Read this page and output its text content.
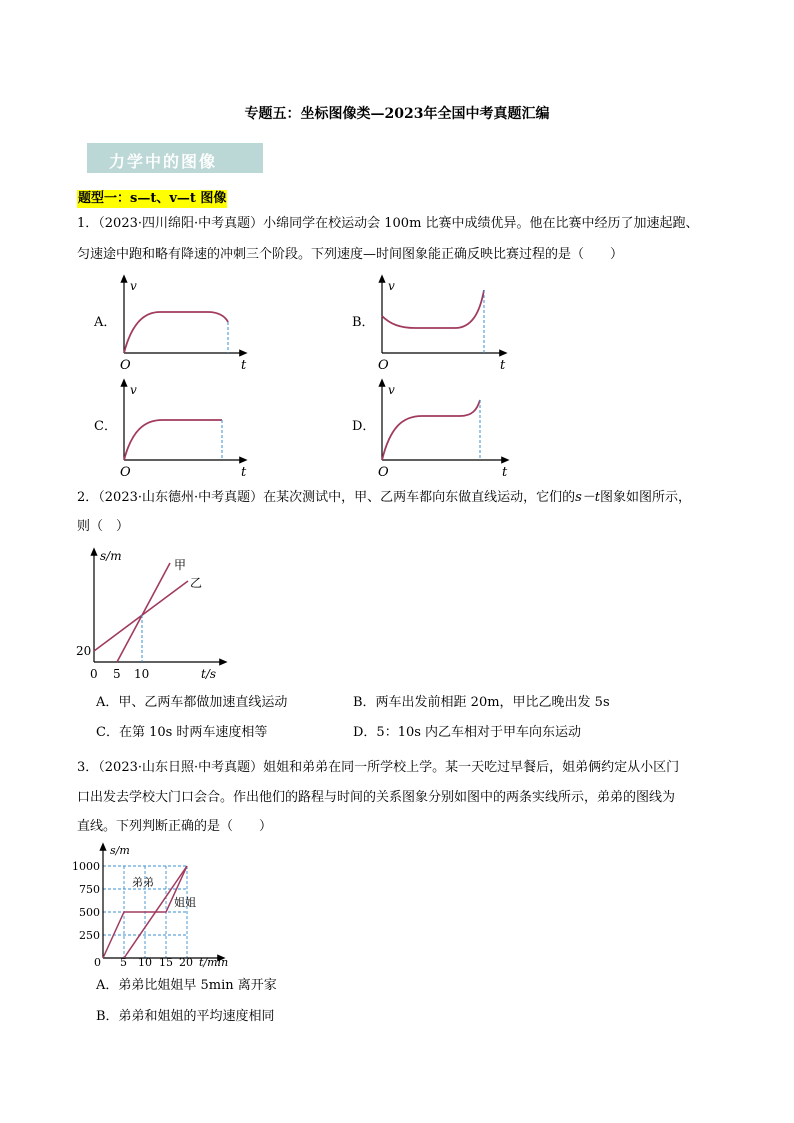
专题五：坐标图像类—2023年全国中考真题汇编
力学中的图像
题型一：s—t、v—t 图像
1．（2023·四川绵阳·中考真题）小绵同学在校运动会 100m 比赛中成绩优异。他在比赛中经历了加速起跑、
匀速途中跑和略有降速的冲刺三个阶段。下列速度—时间图象能正确反映比赛过程的是（　　）
A．	B．
C．	D．
v
t
O
v
t
O
v
t
O
v
t
O
2．（2023·山东德州·中考真题）在某次测试中，甲、乙两车都向东做直线运动，它们的s－t图象如图所示，
则（　）
s/m
甲
乙
20
0 5 10	t/s
A．甲、乙两车都做加速直线运动	B．两车出发前相距 20m，甲比乙晚出发 5s
C．在第 10s 时两车速度相等	D．5：10s 内乙车相对于甲车向东运动
3．（2023·山东日照·中考真题）姐姐和弟弟在同一所学校上学。某一天吃过早餐后，姐弟俩约定从小区门
口出发去学校大门口会合。作出他们的路程与时间的关系图象分别如图中的两条实线所示，弟弟的图线为
直线。下列判断正确的是（　　）
s/m
1000
750
500
250
0 5 10 15 20 t/min
弟弟
姐姐
A．弟弟比姐姐早 5min 离开家
B．弟弟和姐姐的平均速度相同
